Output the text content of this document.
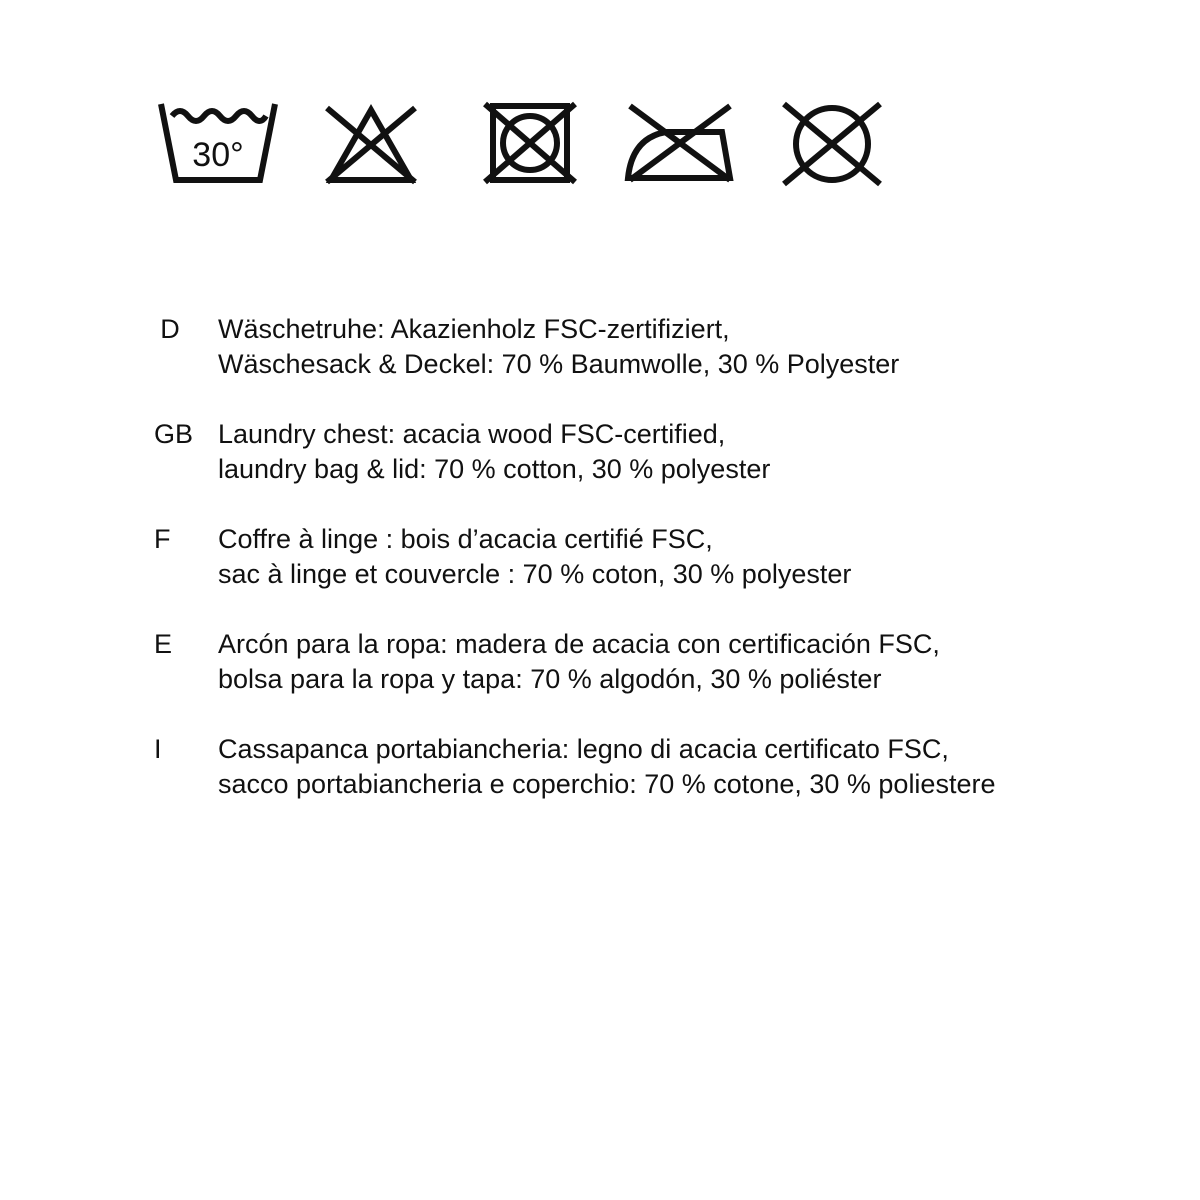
30°
D	Wäschetruhe: Akazienholz FSC-zertifiziert,
Wäschesack & Deckel: 70 % Baumwolle, 30 % Polyester
GB Laundry chest: acacia wood FSC-certified,
laundry bag & lid: 70 % cotton, 30 % polyester
F	Coffre à linge : bois d’acacia certifié FSC,
sac à linge et couvercle : 70 % coton, 30 % polyester
E	Arcón para la ropa: madera de acacia con certificación FSC,
bolsa para la ropa y tapa: 70 % algodón, 30 % poliéster
I	Cassapanca portabiancheria: legno di acacia certificato FSC,
sacco portabiancheria e coperchio: 70 % cotone, 30 % poliestere
